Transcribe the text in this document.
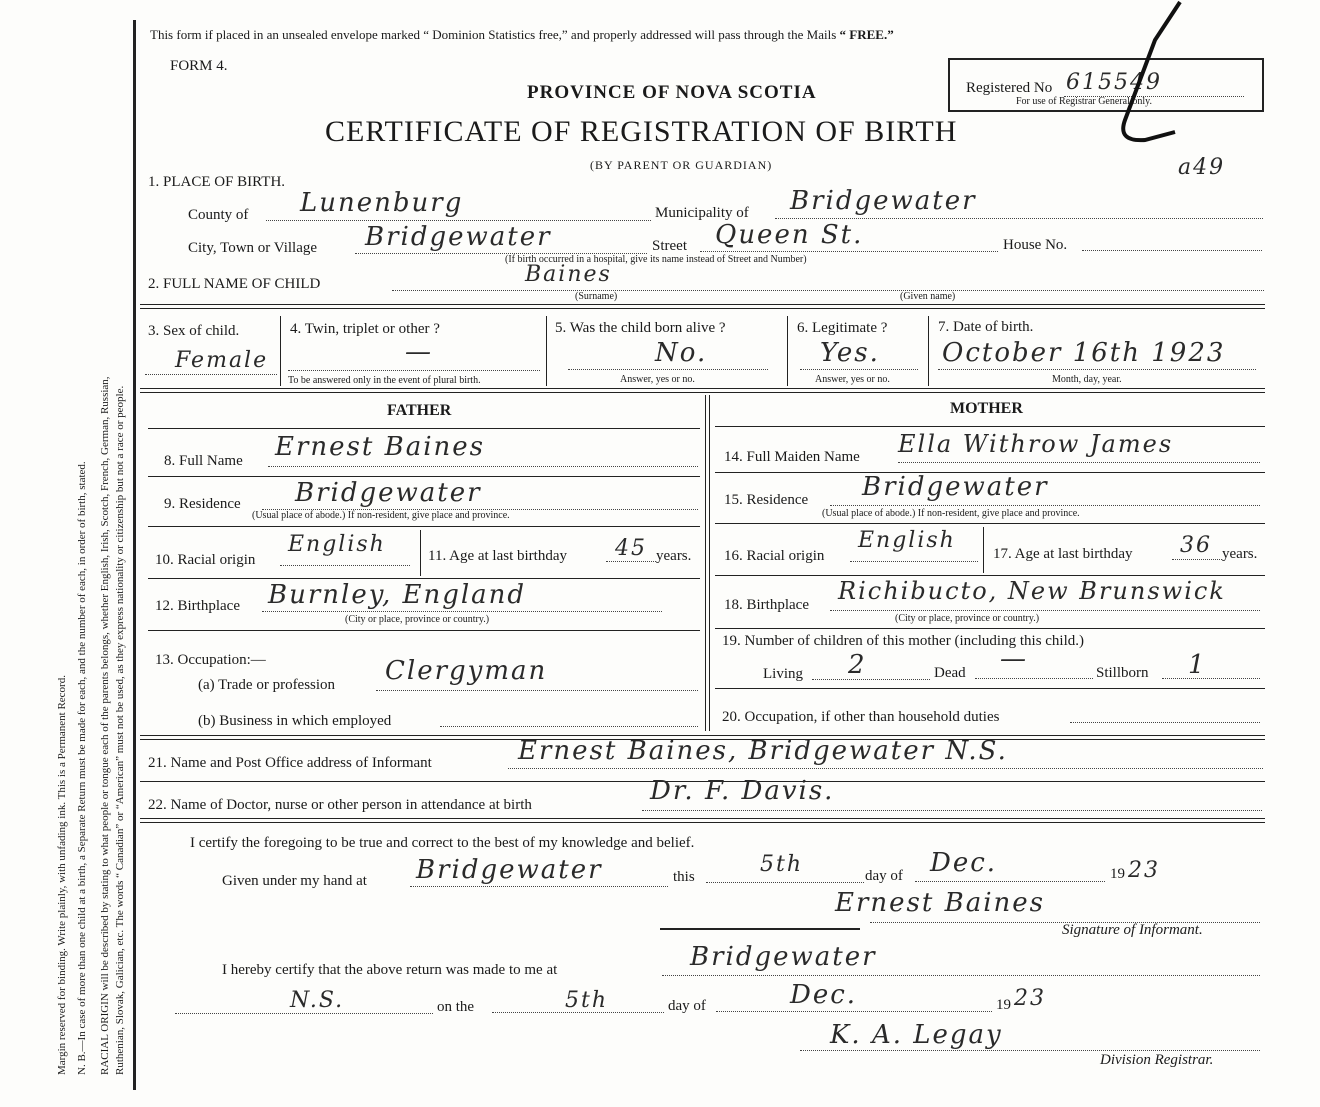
Margin reserved for binding. Write plainly, with unfading ink. This is a Permanent Record. N. B.—In case of more than one child at a birth, a Separate Return must be made for each, and the number of each, in order of birth, stated. RACIAL ORIGIN will be described by stating to what people or tongue each of the parents belongs, whether English, Irish, Scotch, French, German, Russian, Ruthenian, Slovak, Galician, etc. The words “ Canadian” or “American” must not be used, as they express nationality or citizenship but not a race or people.
This form if placed in an unsealed envelope marked “ Dominion Statistics free,” and properly addressed will pass through the Mails “ FREE.”
FORM 4.
PROVINCE OF NOVA SCOTIA
CERTIFICATE OF REGISTRATION OF BIRTH
(BY PARENT OR GUARDIAN)
Registered No 615549
For use of Registrar General only.
a49
1. PLACE OF BIRTH.
County of Lunenburg	Municipality of Bridgewater
City, Town or Village Bridgewater	Street Queen St.	House No.
(If birth occurred in a hospital, give its name instead of Street and Number)
2. FULL NAME OF CHILD	Baines
(Surname)	(Given name)
3. Sex of child.
Female
4. Twin, triplet or other ?
—
To be answered only in the event of plural birth.
5. Was the child born alive ?
No.
Answer, yes or no.
6. Legitimate ?
Yes.
Answer, yes or no.
7. Date of birth.
October 16th 1923
Month, day, year.
FATHER	MOTHER
8. Full Name Ernest Baines
9. Residence Bridgewater
(Usual place of abode.) If non-resident, give place and province.
10. Racial origin
English	11. Age at last birthday 45 years.
12. Birthplace Burnley, England
(City or place, province or country.)
13. Occupation:—
(a) Trade or profession Clergyman
(b) Business in which employed
14. Full Maiden Name Ella Withrow James
15. Residence Bridgewater
(Usual place of abode.) If non-resident, give place and province.
16. Racial origin
English
17. Age at last birthday 36 years.
18. Birthplace Richibucto, New Brunswick
(City or place, province or country.)
19. Number of children of this mother (including this child.)
Living 2	Dead —	Stillborn 1
20. Occupation, if other than household duties
21. Name and Post Office address of Informant	Ernest Baines, Bridgewater N.S.
22. Name of Doctor, nurse or other person in attendance at birth	Dr. F. Davis.
I certify the foregoing to be true and correct to the best of my knowledge and belief.
Given under my hand at Bridgewater	this	5th	day of Dec.	19 23
Ernest Baines
Signature of Informant.
I hereby certify that the above return was made to me at	Bridgewater
N.S.	on the	5th	day of	Dec.	19 23
K. A. Legay
Division Registrar.
